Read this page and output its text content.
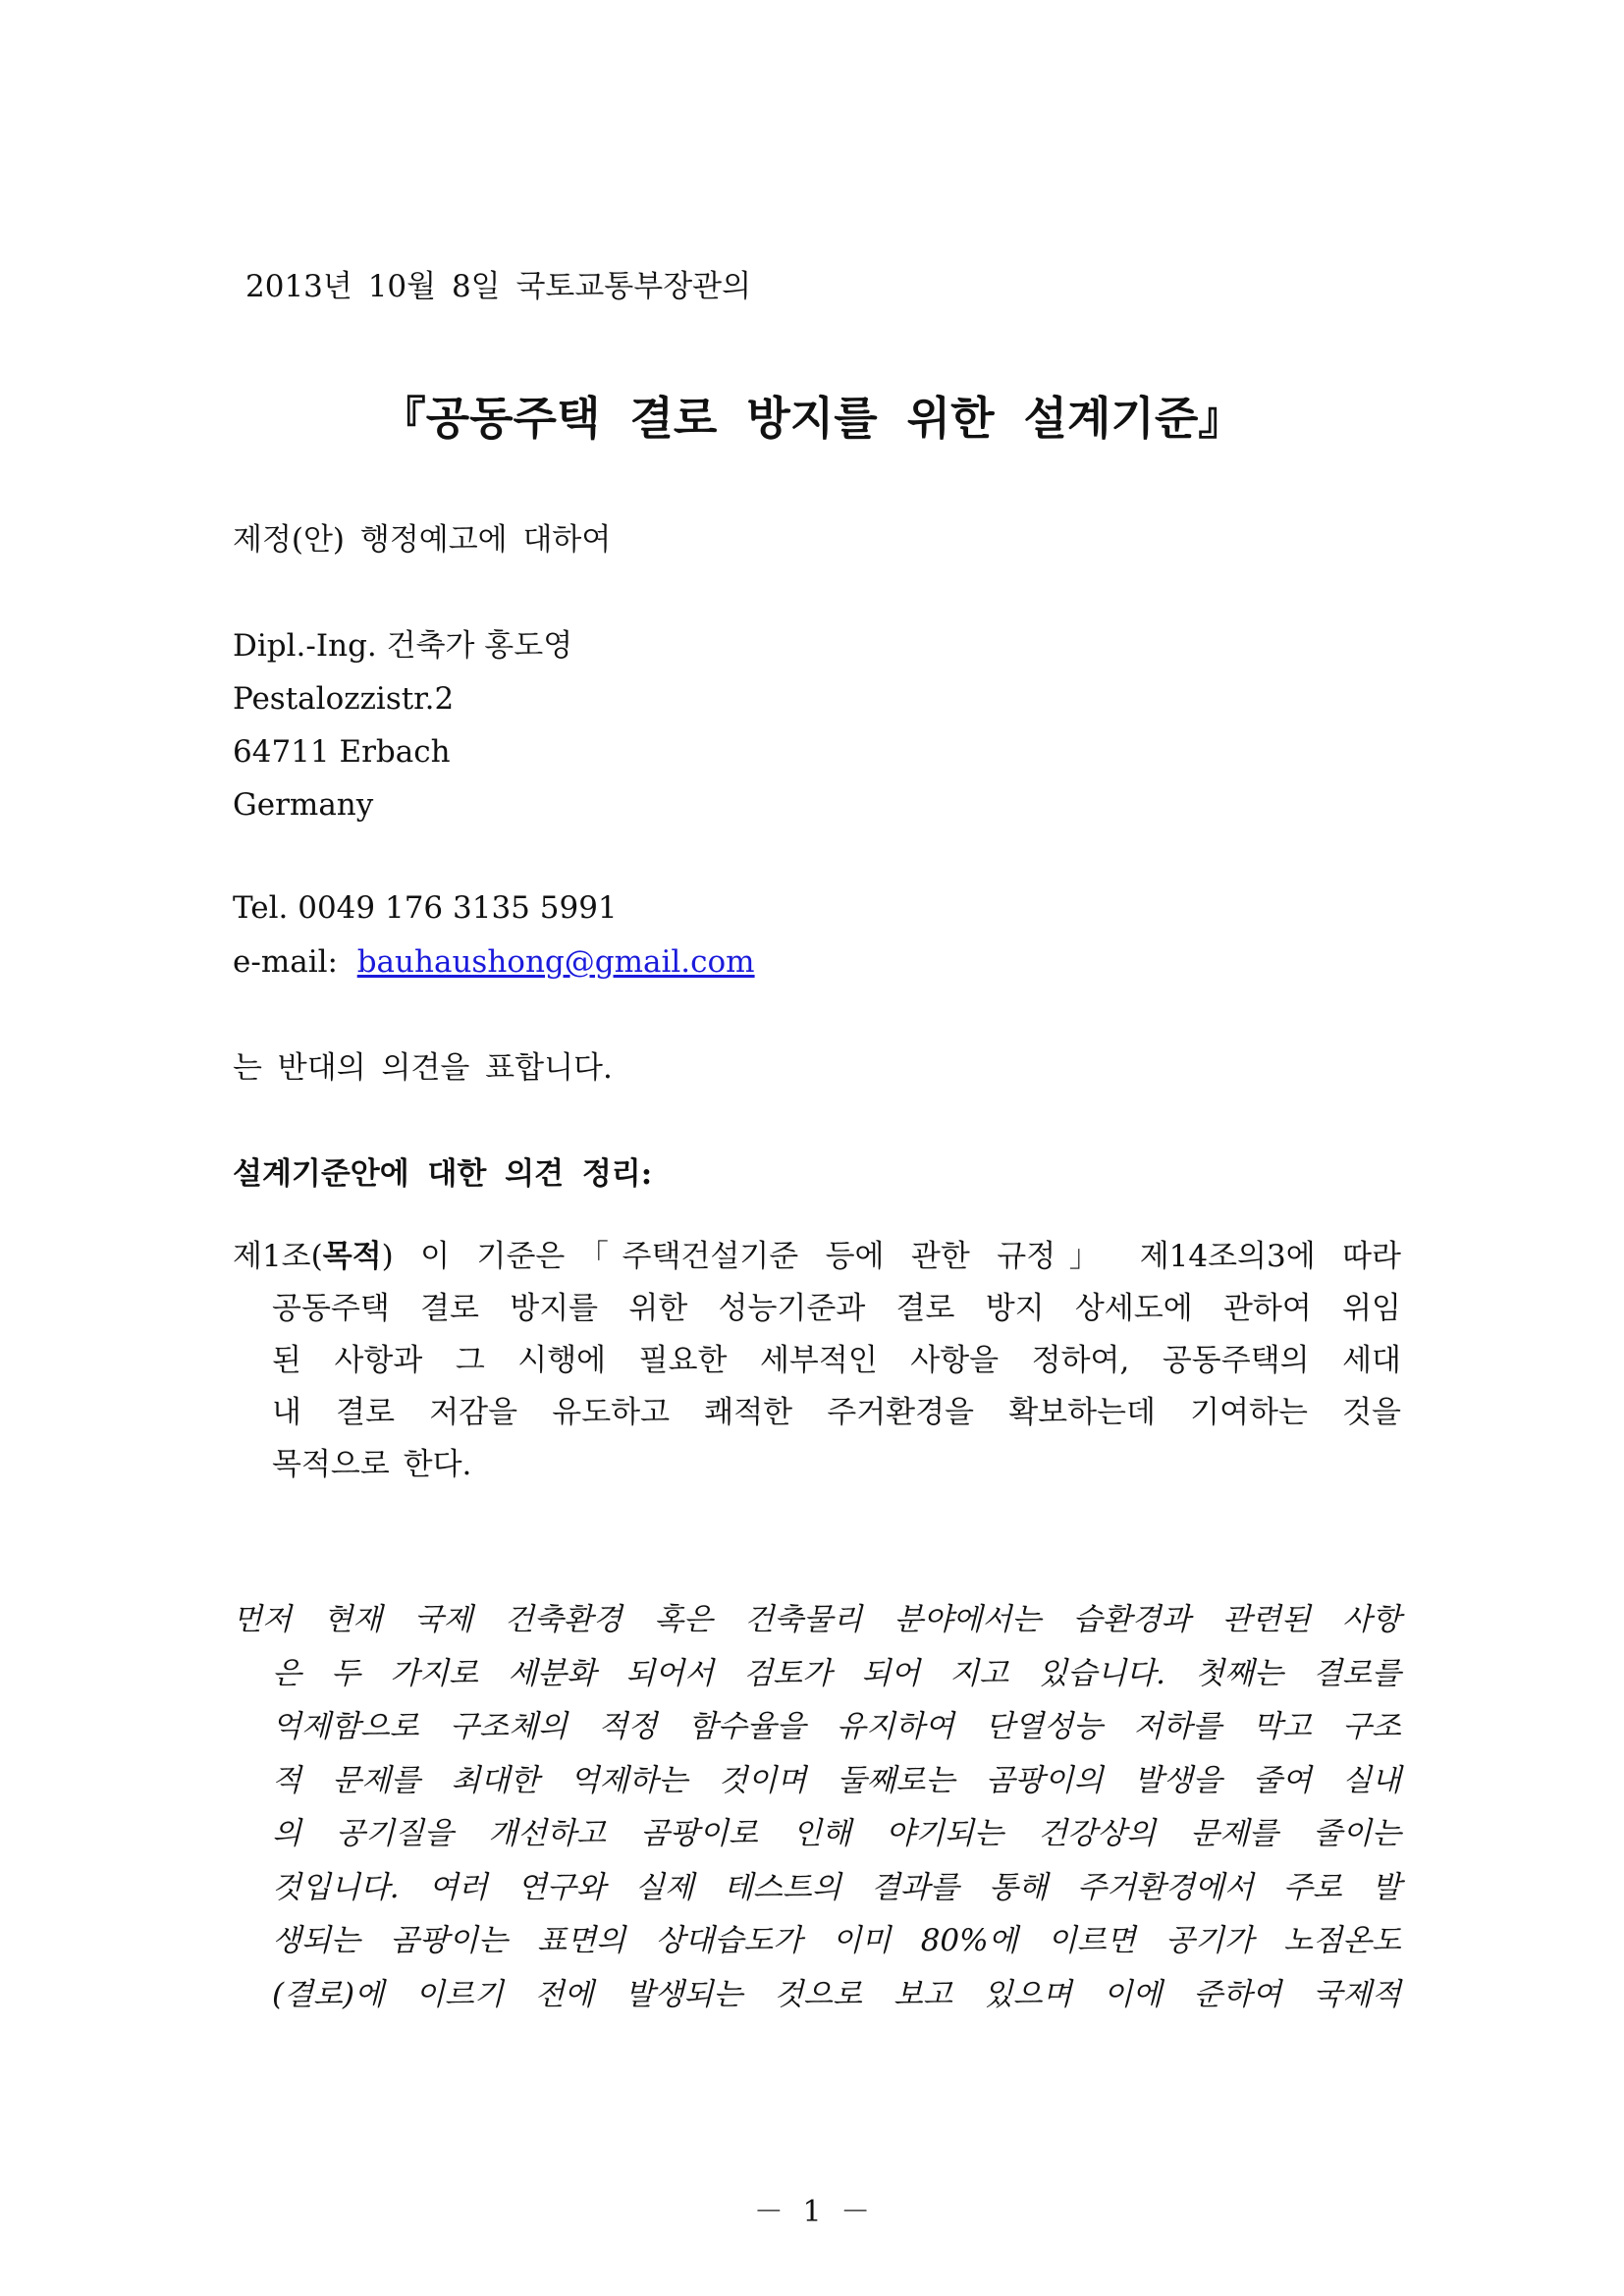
2013년 10월 8일 국토교통부장관의
『공동주택 결로 방지를 위한 설계기준』
제정(안) 행정예고에 대하여
Dipl.-Ing. 건축가 홍도영
Pestalozzistr.2
64711 Erbach
Germany
Tel. 0049 176 3135 5991
e-mail: bauhaushong@gmail.com
는 반대의 의견을 표합니다.
설계기준안에 대한 의견 정리:
제1조(목적) 이 기준은「주택건설기준 등에 관한 규정」 제14조의3에 따라
공동주택 결로 방지를 위한 성능기준과 결로 방지 상세도에 관하여 위임
된 사항과 그 시행에 필요한 세부적인 사항을 정하여, 공동주택의 세대
내 결로 저감을 유도하고 쾌적한 주거환경을 확보하는데 기여하는 것을
목적으로 한다.
먼저 현재 국제 건축환경 혹은 건축물리 분야에서는 습환경과 관련된 사항
은 두 가지로 세분화 되어서 검토가 되어 지고 있습니다. 첫째는 결로를
억제함으로 구조체의 적정 함수율을 유지하여 단열성능 저하를 막고 구조
적 문제를 최대한 억제하는 것이며 둘째로는 곰팡이의 발생을 줄여 실내
의 공기질을 개선하고 곰팡이로 인해 야기되는 건강상의 문제를 줄이는
것입니다. 여러 연구와 실제 테스트의 결과를 통해 주거환경에서 주로 발
생되는 곰팡이는 표면의 상대습도가 이미 80%에 이르면 공기가 노점온도
(결로)에 이르기 전에 발생되는 것으로 보고 있으며 이에 준하여 국제적
－ 1 －
